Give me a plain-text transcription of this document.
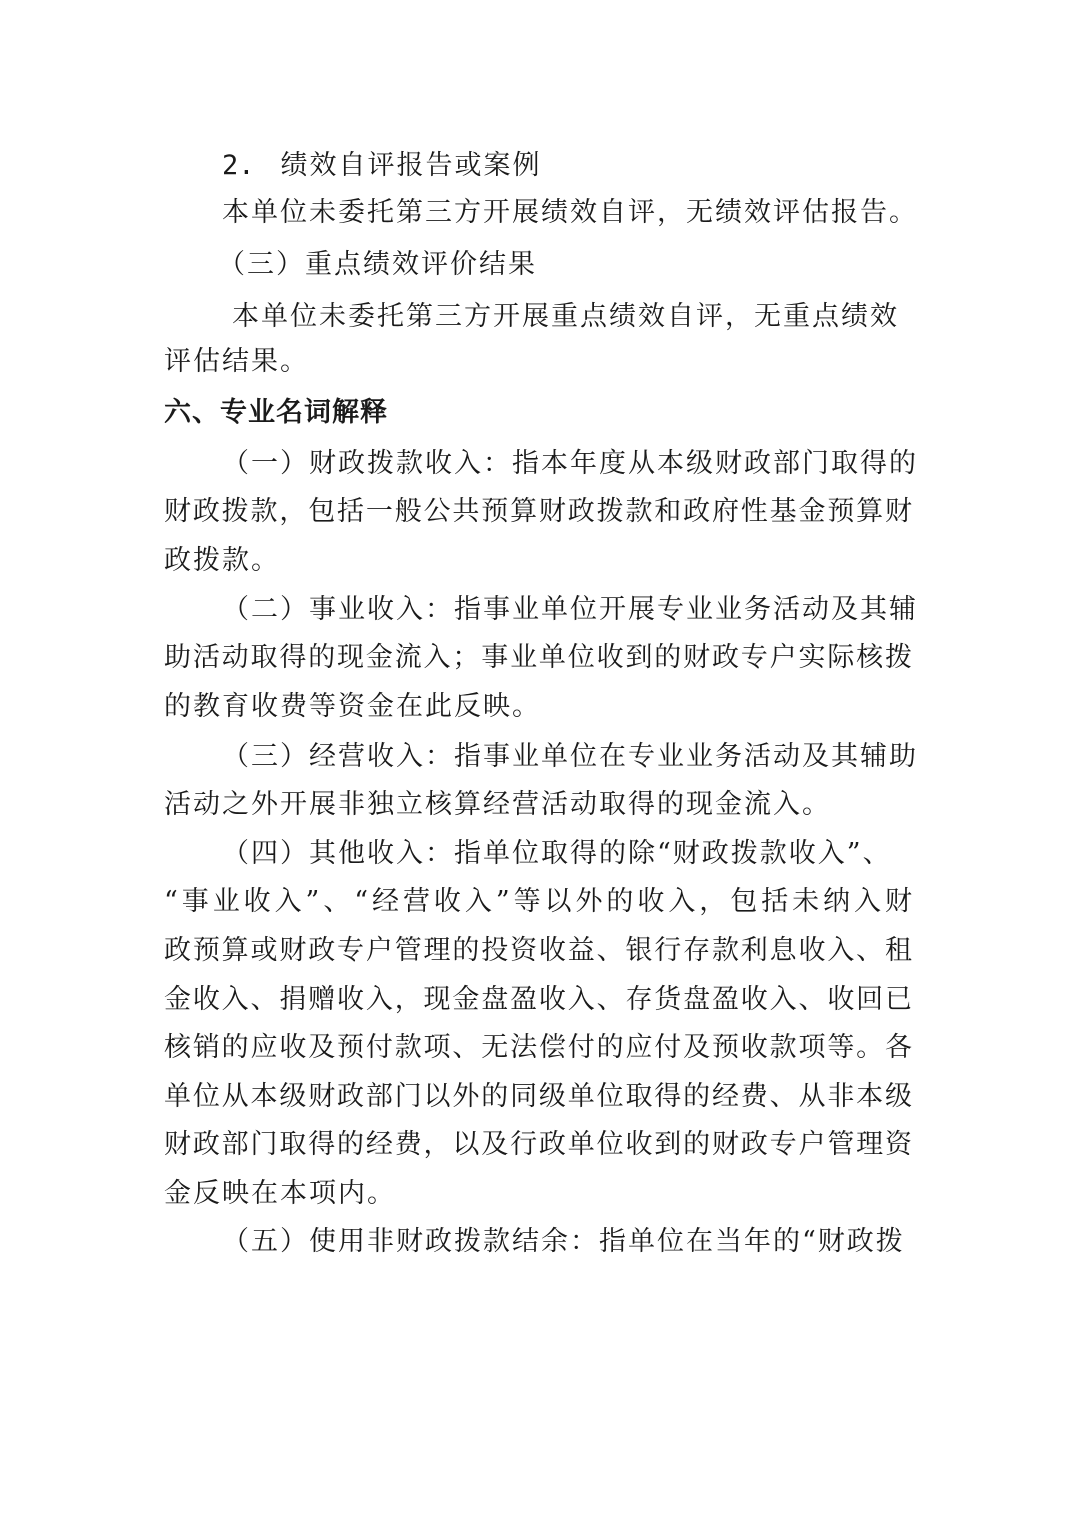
2. 绩效自评报告或案例
本单位未委托第三方开展绩效自评，无绩效评估报告。
（三）重点绩效评价结果
本单位未委托第三方开展重点绩效自评，无重点绩效
评估结果。
六、专业名词解释
（一）财政拨款收入：指本年度从本级财政部门取得的
财政拨款，包括一般公共预算财政拨款和政府性基金预算财
政拨款。
（二）事业收入：指事业单位开展专业业务活动及其辅
助活动取得的现金流入；事业单位收到的财政专户实际核拨
的教育收费等资金在此反映。
（三）经营收入：指事业单位在专业业务活动及其辅助
活动之外开展非独立核算经营活动取得的现金流入。
（四）其他收入：指单位取得的除“财政拨款收入”、
“事业收入”、“经营收入”等以外的收入，包括未纳入财
政预算或财政专户管理的投资收益、银行存款利息收入、租
金收入、捐赠收入，现金盘盈收入、存货盘盈收入、收回已
核销的应收及预付款项、无法偿付的应付及预收款项等。各
单位从本级财政部门以外的同级单位取得的经费、从非本级
财政部门取得的经费，以及行政单位收到的财政专户管理资
金反映在本项内。
（五）使用非财政拨款结余：指单位在当年的“财政拨
